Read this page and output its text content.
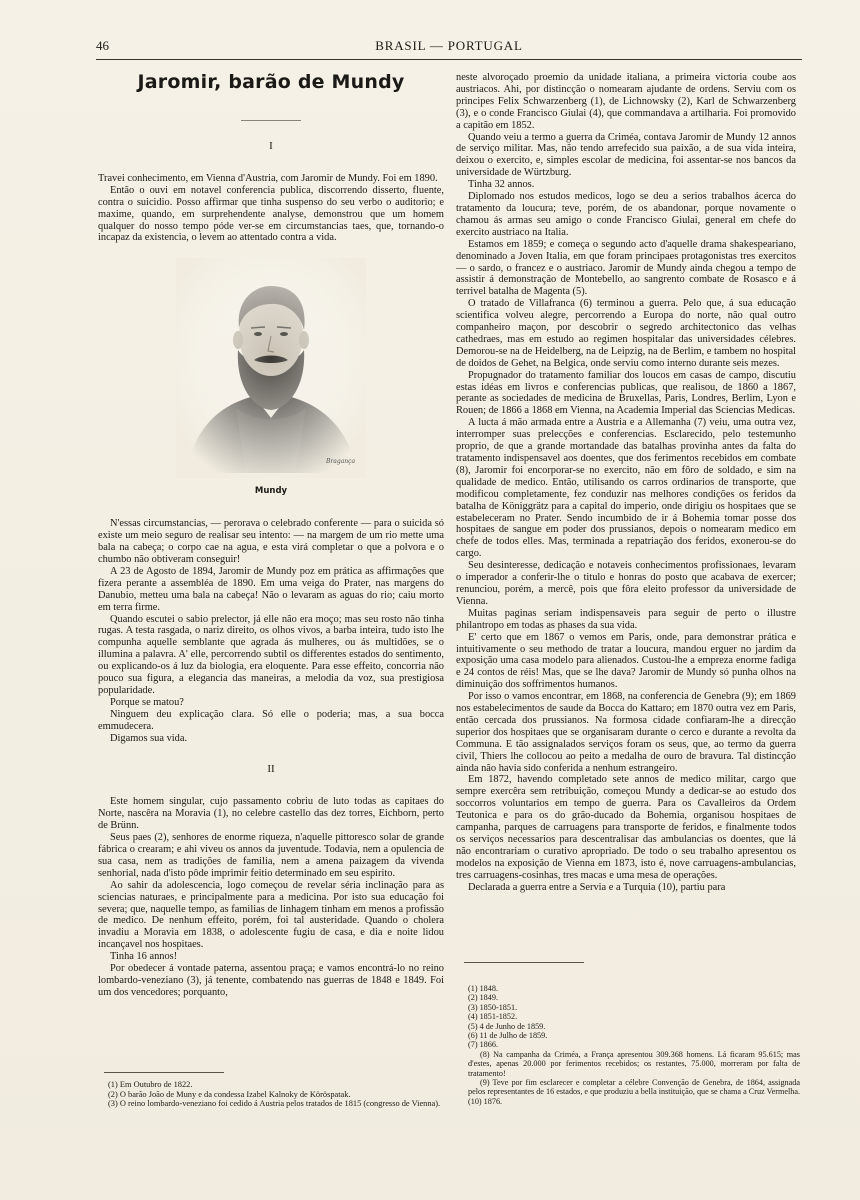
46	BRASIL — PORTUGAL
Jaromir, barão de Mundy
I

Travei conhecimento, em Vienna d'Austria, com Jaromir de Mundy. Foi em 1890.

Então o ouvi em notavel conferencia publica, discorrendo disserto, fluente, contra o suicidio. Posso affirmar que tinha suspenso do seu verbo o auditorio; e maxime, quando, em surprehendente analyse, demonstrou que um homem qualquer do nosso tempo póde ver-se em circumstancias taes, que, tornando-o incapaz da existencia, o levem ao attentado contra a vida.

Bragança
Mundy

N'essas circumstancias, — perorava o celebrado conferente — para o suicida só existe um meio seguro de realisar seu intento: — na margem de um rio mette uma bala na cabeça; o corpo cae na agua, e esta virá completar o que a polvora e o chumbo não obtiveram conseguir!

A 23 de Agosto de 1894, Jaromir de Mundy poz em prática as affirmações que fizera perante a assembléa de 1890. Em uma veiga do Prater, nas margens do Danubio, metteu uma bala na cabeça! Não o levaram as aguas do rio; caiu morto em terra firme.

Quando escutei o sabio prelector, já elle não era moço; mas seu rosto não tinha rugas. A testa rasgada, o nariz direito, os olhos vivos, a barba inteira, tudo isto lhe compunha aquelle semblante que agrada ás mulheres, ou ás multidões, se o illumina a palavra. A' elle, percorrendo subtil os differentes estados do sentimento, ou explicando-os á luz da biologia, era eloquente. Para esse effeito, concorria não pouco sua figura, a elegancia das maneiras, a melodia da voz, sua prestigiosa popularidade.

Porque se matou?

Ninguem deu explicação clara. Só elle o poderia; mas, a sua bocca emmudecera.

Digamos sua vida.

II

Este homem singular, cujo passamento cobriu de luto todas as capitaes do Norte, nascêra na Moravia (1), no celebre castello das dez torres, Eichborn, perto de Brünn.

Seus paes (2), senhores de enorme riqueza, n'aquelle pittoresco solar de grande fábrica o crearam; e ahi viveu os annos da juventude. Todavia, nem a opulencia de sua casa, nem as tradições de familia, nem a amena paizagem da vivenda senhorial, nada d'isto pôde imprimir feitio determinado em seu espirito.

Ao sahir da adolescencia, logo começou de revelar séria inclinação para as sciencias naturaes, e principalmente para a medicina. Por isto sua educação foi severa; que, naquelle tempo, as familias de linhagem tinham em menos a profissão de medico. De nenhum effeito, porém, foi tal austeridade. Quando o cholera invadiu a Moravia em 1838, o adolescente fugiu de casa, e dia e noite lidou incançavel nos hospitaes.

Tinha 16 annos!

Por obedecer á vontade paterna, assentou praça; e vamos encontrá-lo no reino lombardo-veneziano (3), já tenente, combatendo nas guerras de 1848 e 1849. Foi um dos vencedores; porquanto,

(1) Em Outubro de 1822.
(2) O barão João de Muny e da condessa Izabel Kalnoky de Köröspatak.
(3) O reino lombardo-veneziano foi cedido á Austria pelos tratados de 1815 (congresso de Vienna).

neste alvoroçado proemio da unidade italiana, a primeira victoria coube aos austriacos. Ahi, por distincção o nomearam ajudante de ordens. Serviu com os principes Felix Schwarzenberg (1), de Lichnowsky (2), Karl de Schwarzenberg (3), e o conde Francisco Giulai (4), que commandava a artilharia. Foi promovido a capitão em 1852.

Quando veiu a termo a guerra da Criméa, contava Jaromir de Mundy 12 annos de serviço militar. Mas, não tendo arrefecido sua paixão, a de sua vida inteira, deixou o exercito, e, simples escolar de medicina, foi assentar-se nos bancos da universidade de Würtzburg.

Tinha 32 annos.

Diplomado nos estudos medicos, logo se deu a serios trabalhos ácerca do tratamento da loucura; teve, porém, de os abandonar, porque novamente o chamou ás armas seu amigo o conde Francisco Giulai, general em chefe do exercito austriaco na Italia.

Estamos em 1859; e começa o segundo acto d'aquelle drama shakespeariano, denominado a Joven Italia, em que foram principaes protagonistas tres exercitos — o sardo, o francez e o austriaco. Jaromir de Mundy ainda chegou a tempo de assistir á demonstração de Montebello, ao sangrento combate de Rosasco e á terrivel batalha de Magenta (5).

O tratado de Villafranca (6) terminou a guerra. Pelo que, á sua educação scientifica volveu alegre, percorrendo a Europa do norte, não qual outro companheiro maçon, por descobrir o segredo architectonico das velhas cathedraes, mas em estudo ao regimen hospitalar das universidades célebres. Demorou-se na de Heidelberg, na de Leipzig, na de Berlim, e tambem no hospital de doidos de Gehet, na Belgica, onde serviu como interno durante seis mezes.

Propugnador do tratamento familiar dos loucos em casas de campo, discutiu estas idéas em livros e conferencias publicas, que realisou, de 1860 a 1867, perante as sociedades de medicina de Bruxellas, Paris, Londres, Berlim, Lyon e Rouen; de 1866 a 1868 em Vienna, na Academia Imperial das Sciencias Medicas.

A lucta á mão armada entre a Austria e a Allemanha (7) veiu, uma outra vez, interromper suas prelecções e conferencias. Esclarecido, pelo testemunho proprio, de que a grande mortandade das batalhas provinha antes da falta do tratamento indispensavel aos doentes, que dos ferimentos recebidos em combate (8), Jaromir foi encorporar-se no exercito, não em fôro de soldado, e sim na qualidade de medico. Então, utilisando os carros ordinarios de transporte, que modificou completamente, fez conduzir nas melhores condições os feridos da batalha de Königgrätz para a capital do imperio, onde dirigiu os hospitaes que se estabeleceram no Prater. Sendo incumbido de ir á Bohemia tomar posse dos hospitaes de sangue em poder dos prussianos, depois o nomearam medico em chefe de todos elles. Mas, terminada a repatriação dos feridos, exonerou-se do cargo.

Seu desinteresse, dedicação e notaveis conhecimentos profissionaes, levaram o imperador a conferir-lhe o titulo e honras do posto que acabava de exercer; renunciou, porém, a mercê, pois que fôra eleito professor da universidade de Vienna.

Muitas paginas seriam indispensaveis para seguir de perto o illustre philantropo em todas as phases da sua vida.

E' certo que em 1867 o vemos em Paris, onde, para demonstrar prática e intuitivamente o seu methodo de tratar a loucura, mandou erguer no jardim da exposição uma casa modelo para alienados. Custou-lhe a empreza enorme fadiga e 24 contos de réis! Mas, que se lhe dava? Jaromir de Mundy só punha olhos na diminuição dos soffrimentos humanos.

Por isso o vamos encontrar, em 1868, na conferencia de Genebra (9); em 1869 nos estabelecimentos de saude da Bocca do Kattaro; em 1870 outra vez em Paris, então cercada dos prussianos. Na formosa cidade confiaram-lhe a direcção superior dos hospitaes que se organisaram durante o cerco e durante a revolta da Communa. E tão assignalados serviços foram os seus, que, ao termo da guerra civil, Thiers lhe collocou ao peito a medalha de ouro de bravura. Tal distincção ainda não havia sido conferida a nenhum estrangeiro.

Em 1872, havendo completado sete annos de medico militar, cargo que sempre exercêra sem retribuição, começou Mundy a dedicar-se ao estudo dos soccorros voluntarios em tempo de guerra. Para os Cavalleiros da Ordem Teutonica e para os do grão-ducado da Bohemia, organisou hospitaes de campanha, parques de carruagens para transporte de feridos, e finalmente todos os serviços necessarios para descentralisar das ambulancias os doentes, que lá não encontrariam o curativo apropriado. De todo o seu trabalho apresentou os modelos na exposição de Vienna em 1873, isto é, nove carruagens-ambulancias, tres carruagens-cosinhas, tres macas e uma mesa de operações.

Declarada a guerra entre a Servia e a Turquia (10), partiu para

(1) 1848.
(2) 1849.
(3) 1850-1851.
(4) 1851-1852.
(5) 4 de Junho de 1859.
(6) 11 de Julho de 1859.
(7) 1866.
(8) Na campanha da Criméa, a França apresentou 309.368 homens. Lá ficaram 95.615; mas d'estes, apenas 20.000 por ferimentos recebidos; os restantes, 75.000, morreram por falta de tratamento!
(9) Teve por fim esclarecer e completar a célebre Convenção de Genebra, de 1864, assignada pelos representantes de 16 estados, e que produziu a bella instituição, que se chama a Cruz Vermelha.
(10) 1876.
